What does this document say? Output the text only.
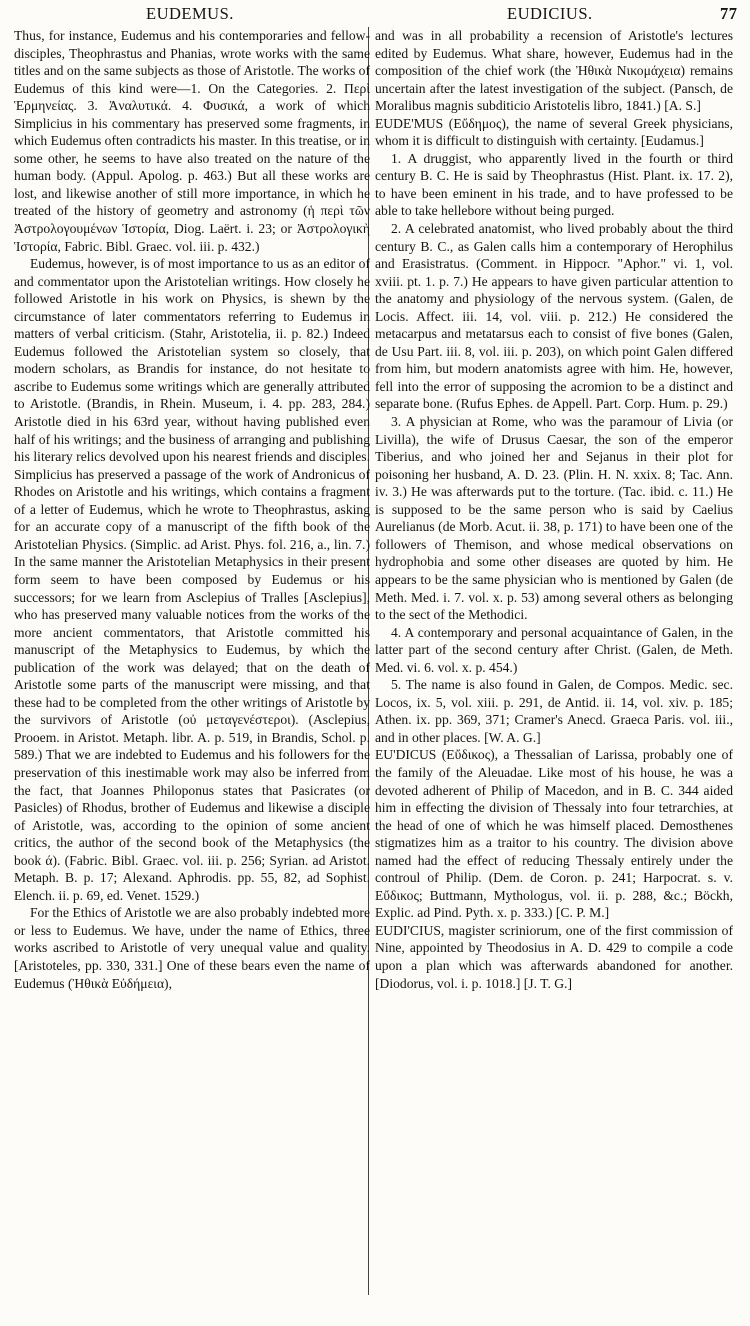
EUDEMUS.	EUDICIUS.	77

Thus, for instance, Eudemus and his contemporaries and fellow-disciples, Theophrastus and Phanias, wrote works with the same titles and on the same subjects as those of Aristotle. The works of Eudemus of this kind were—1. On the Categories. 2. Περὶ Ἑρμηνείας. 3. Ἀναλυτικά. 4. Φυσικά, a work of which Simplicius in his commentary has preserved some fragments, in which Eudemus often contradicts his master. In this treatise, or in some other, he seems to have also treated on the nature of the human body. (Appul. Apolog. p. 463.) But all these works are lost, and likewise another of still more importance, in which he treated of the history of geometry and astronomy (ἡ περὶ τῶν Ἀστρολογουμένων Ἱστορία, Diog. Laërt. i. 23; or Ἀστρολογικὴ Ἱστορία, Fabric. Bibl. Graec. vol. iii. p. 432.)

Eudemus, however, is of most importance to us as an editor of and commentator upon the Aristotelian writings. How closely he followed Aristotle in his work on Physics, is shewn by the circumstance of later commentators referring to Eudemus in matters of verbal criticism. (Stahr, Aristotelia, ii. p. 82.) Indeed Eudemus followed the Aristotelian system so closely, that modern scholars, as Brandis for instance, do not hesitate to ascribe to Eudemus some writings which are generally attributed to Aristotle. (Brandis, in Rhein. Museum, i. 4. pp. 283, 284.) Aristotle died in his 63rd year, without having published even half of his writings; and the business of arranging and publishing his literary relics devolved upon his nearest friends and disciples. Simplicius has preserved a passage of the work of Andronicus of Rhodes on Aristotle and his writings, which contains a fragment of a letter of Eudemus, which he wrote to Theophrastus, asking for an accurate copy of a manuscript of the fifth book of the Aristotelian Physics. (Simplic. ad Arist. Phys. fol. 216, a., lin. 7.) In the same manner the Aristotelian Metaphysics in their present form seem to have been composed by Eudemus or his successors; for we learn from Asclepius of Tralles [Asclepius], who has preserved many valuable notices from the works of the more ancient commentators, that Aristotle committed his manuscript of the Metaphysics to Eudemus, by which the publication of the work was delayed; that on the death of Aristotle some parts of the manuscript were missing, and that these had to be completed from the other writings of Aristotle by the survivors of Aristotle (οὐ μεταγενέστεροι). (Asclepius, Prooem. in Aristot. Metaph. libr. A. p. 519, in Brandis, Schol. p. 589.) That we are indebted to Eudemus and his followers for the preservation of this inestimable work may also be inferred from the fact, that Joannes Philoponus states that Pasicrates (or Pasicles) of Rhodus, brother of Eudemus and likewise a disciple of Aristotle, was, according to the opinion of some ancient critics, the author of the second book of the Metaphysics (the book ά). (Fabric. Bibl. Graec. vol. iii. p. 256; Syrian. ad Aristot. Metaph. B. p. 17; Alexand. Aphrodis. pp. 55, 82, ad Sophist. Elench. ii. p. 69, ed. Venet. 1529.)

For the Ethics of Aristotle we are also probably indebted more or less to Eudemus. We have, under the name of Ethics, three works ascribed to Aristotle of very unequal value and quality. [Aristoteles, pp. 330, 331.] One of these bears even the name of Eudemus (Ἠθικὰ Εὐδήμεια),

and was in all probability a recension of Aristotle's lectures edited by Eudemus. What share, however, Eudemus had in the composition of the chief work (the Ἠθικὰ Νικομάχεια) remains uncertain after the latest investigation of the subject. (Pansch, de Moralibus magnis subditicio Aristotelis libro, 1841.) [A. S.]

EUDE'MUS (Εὔδημος), the name of several Greek physicians, whom it is difficult to distinguish with certainty. [Eudamus.]

1. A druggist, who apparently lived in the fourth or third century B. C. He is said by Theophrastus (Hist. Plant. ix. 17. 2), to have been eminent in his trade, and to have professed to be able to take hellebore without being purged.

2. A celebrated anatomist, who lived probably about the third century B. C., as Galen calls him a contemporary of Herophilus and Erasistratus. (Comment. in Hippocr. "Aphor." vi. 1, vol. xviii. pt. 1. p. 7.) He appears to have given particular attention to the anatomy and physiology of the nervous system. (Galen, de Locis. Affect. iii. 14, vol. viii. p. 212.) He considered the metacarpus and metatarsus each to consist of five bones (Galen, de Usu Part. iii. 8, vol. iii. p. 203), on which point Galen differed from him, but modern anatomists agree with him. He, however, fell into the error of supposing the acromion to be a distinct and separate bone. (Rufus Ephes. de Appell. Part. Corp. Hum. p. 29.)

3. A physician at Rome, who was the paramour of Livia (or Livilla), the wife of Drusus Caesar, the son of the emperor Tiberius, and who joined her and Sejanus in their plot for poisoning her husband, A. D. 23. (Plin. H. N. xxix. 8; Tac. Ann. iv. 3.) He was afterwards put to the torture. (Tac. ibid. c. 11.) He is supposed to be the same person who is said by Caelius Aurelianus (de Morb. Acut. ii. 38, p. 171) to have been one of the followers of Themison, and whose medical observations on hydrophobia and some other diseases are quoted by him. He appears to be the same physician who is mentioned by Galen (de Meth. Med. i. 7. vol. x. p. 53) among several others as belonging to the sect of the Methodici.

4. A contemporary and personal acquaintance of Galen, in the latter part of the second century after Christ. (Galen, de Meth. Med. vi. 6. vol. x. p. 454.)

5. The name is also found in Galen, de Compos. Medic. sec. Locos, ix. 5, vol. xiii. p. 291, de Antid. ii. 14, vol. xiv. p. 185; Athen. ix. pp. 369, 371; Cramer's Anecd. Graeca Paris. vol. iii., and in other places. [W. A. G.]

EU'DICUS (Εὔδικος), a Thessalian of Larissa, probably one of the family of the Aleuadae. Like most of his house, he was a devoted adherent of Philip of Macedon, and in B. C. 344 aided him in effecting the division of Thessaly into four tetrarchies, at the head of one of which he was himself placed. Demosthenes stigmatizes him as a traitor to his country. The division above named had the effect of reducing Thessaly entirely under the controul of Philip. (Dem. de Coron. p. 241; Harpocrat. s. v. Εὔδικος; Buttmann, Mythologus, vol. ii. p. 288, &c.; Böckh, Explic. ad Pind. Pyth. x. p. 333.) [C. P. M.]

EUDI'CIUS, magister scriniorum, one of the first commission of Nine, appointed by Theodosius in A. D. 429 to compile a code upon a plan which was afterwards abandoned for another. [Diodorus, vol. i. p. 1018.] [J. T. G.]
